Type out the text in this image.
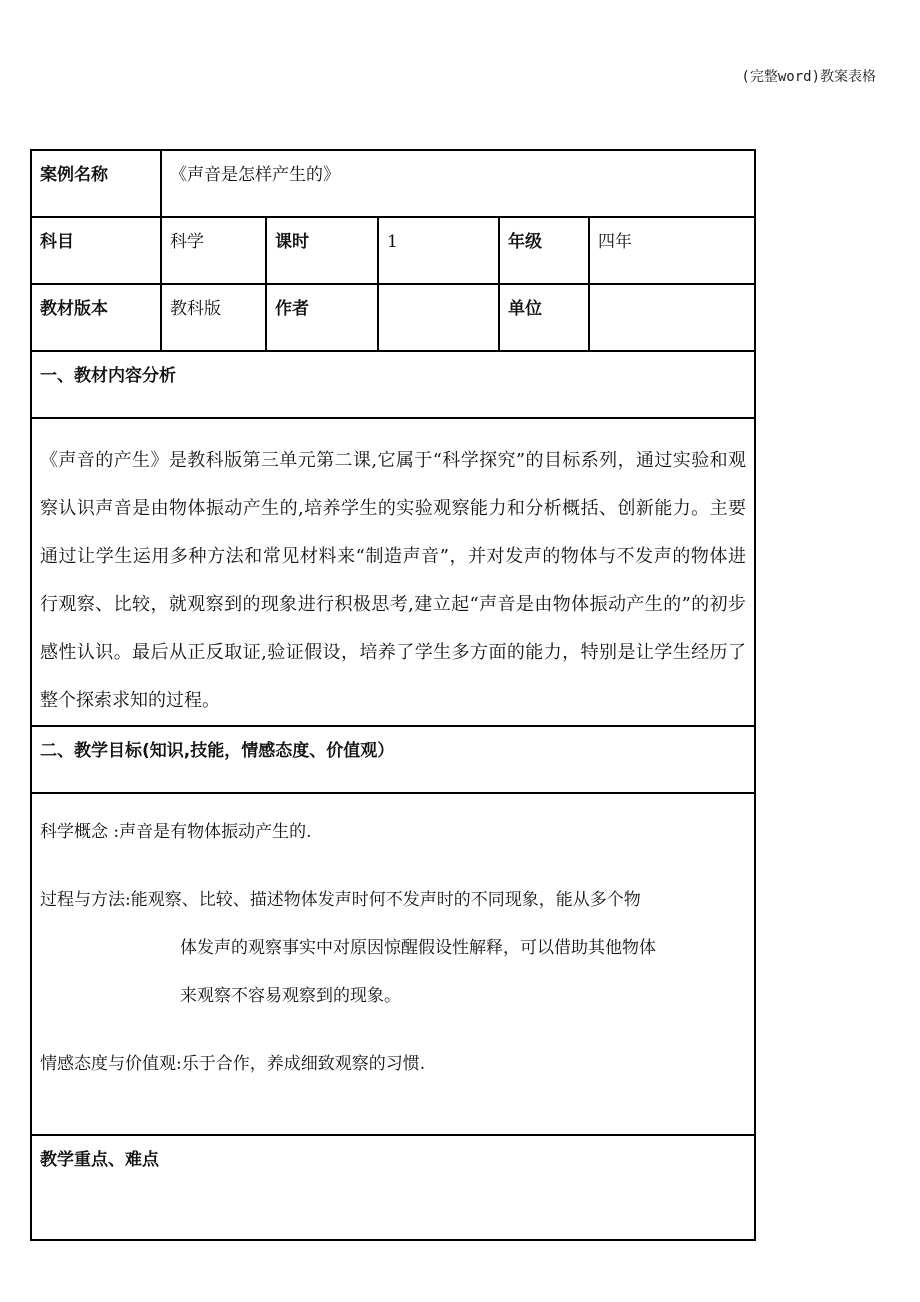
(完整word)教案表格
案例名称	《声音是怎样产生的》				
科目	科学	课时	1	年级	四年
教材版本	教科版	作者		单位	
一、教材内容分析					

《声音的产生》是教科版第三单元第二课,它属于“科学探究”的目标系列，通过实验和观察认识声音是由物体振动产生的,培养学生的实验观察能力和分析概括、创新能力。主要通过让学生运用多种方法和常见材料来“制造声音”，并对发声的物体与不发声的物体进 行观察、比较，就观察到的现象进行积极思考,建立起“声音是由物体振动产生的”的初步感性认识。最后从正反取证,验证假设，培养了学生多方面的能力，特别是让学生经历了整个探索求知的过程。					

二、教学目标(知识,技能，情感态度、价值观）					

科学概念 :声音是有物体振动产生的.

过程与方法:能观察、比较、描述物体发声时何不发声时的不同现象，能从多个物

体发声的观察事实中对原因惊醒假设性解释，可以借助其他物体

来观察不容易观察到的现象。

情感态度与价值观:乐于合作，养成细致观察的习惯.					

教学重点、难点					
